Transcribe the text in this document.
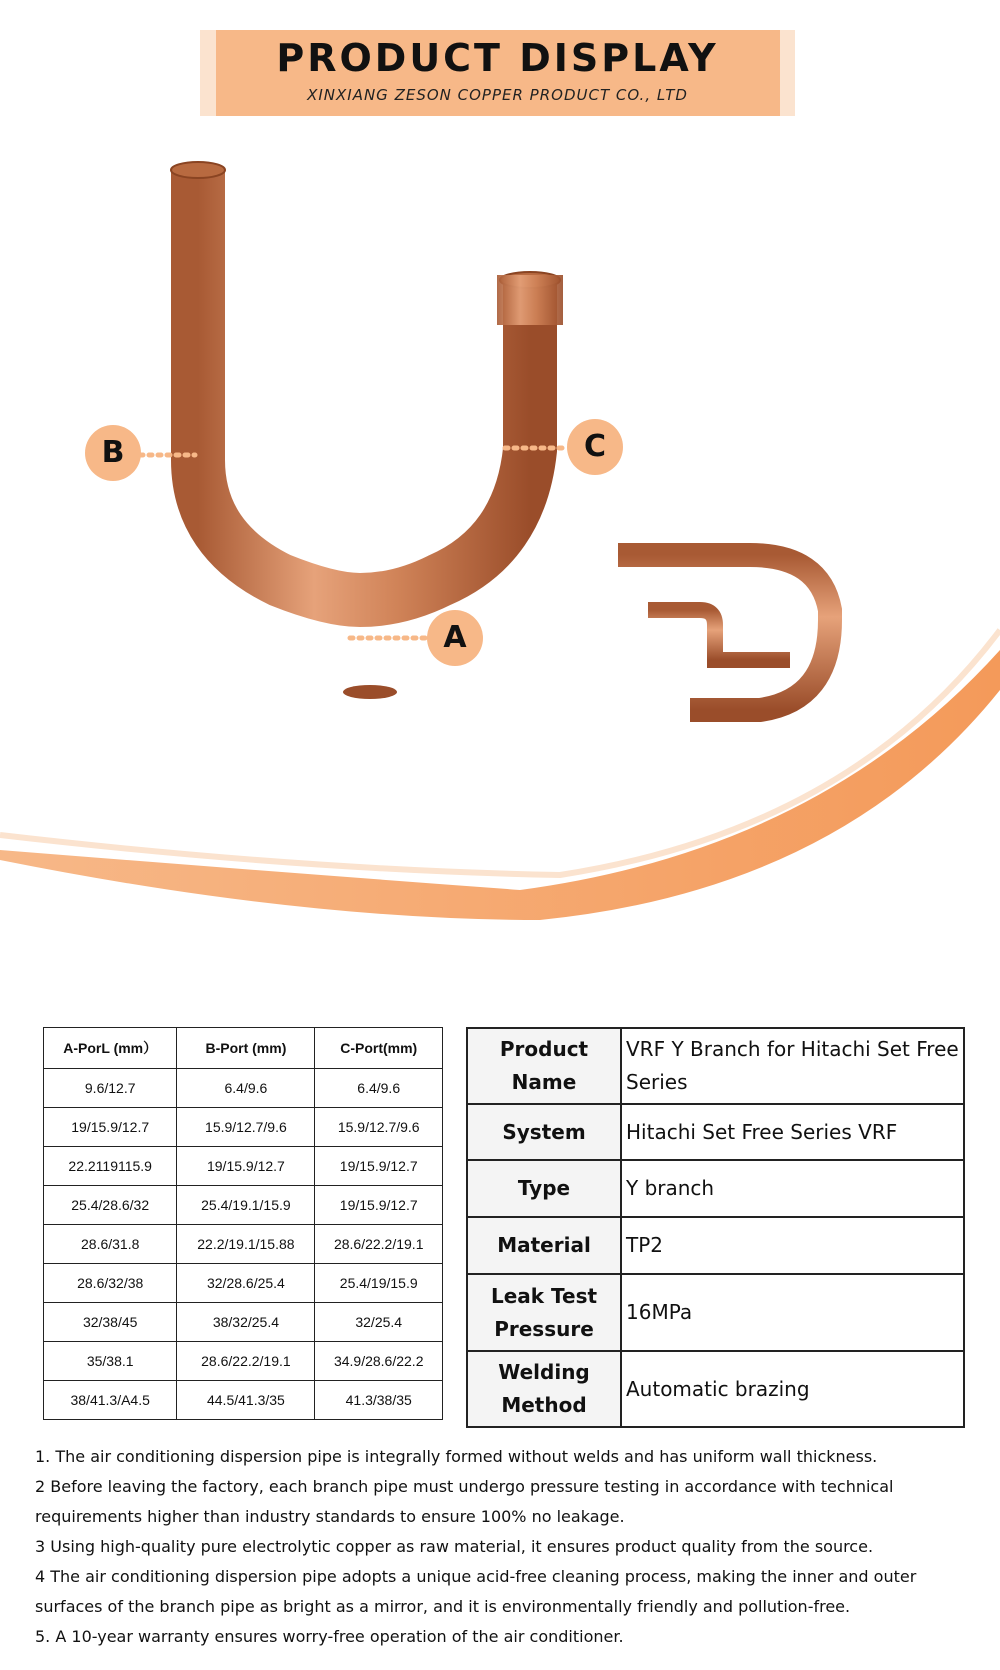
PRODUCT DISPLAY
XINXIANG ZESON COPPER PRODUCT CO., LTD
B	C
A
A-PorL (mm）	B-Port (mm)	C-Port(mm)
9.6/12.7	6.4/9.6	6.4/9.6
19/15.9/12.7	15.9/12.7/9.6	15.9/12.7/9.6
22.2119115.9	19/15.9/12.7	19/15.9/12.7
25.4/28.6/32	25.4/19.1/15.9	19/15.9/12.7
28.6/31.8	22.2/19.1/15.88	28.6/22.2/19.1
28.6/32/38	32/28.6/25.4	25.4/19/15.9
32/38/45	38/32/25.4	32/25.4
35/38.1	28.6/22.2/19.1	34.9/28.6/22.2
38/41.3/A4.5	44.5/41.3/35	41.3/38/35
Product Name	VRF Y Branch for Hitachi Set Free Series
System	Hitachi Set Free Series VRF
Type	Y branch
Material	TP2
Leak Test Pressure	16MPa
Welding Method	Automatic brazing

1. The air conditioning dispersion pipe is integrally formed without welds and has uniform wall thickness.

2 Before leaving the factory, each branch pipe must undergo pressure testing in accordance with technical requirements higher than industry standards to ensure 100% no leakage.

3 Using high-quality pure electrolytic copper as raw material, it ensures product quality from the source.

4 The air conditioning dispersion pipe adopts a unique acid-free cleaning process, making the inner and outer surfaces of the branch pipe as bright as a mirror, and it is environmentally friendly and pollution-free.

5. A 10-year warranty ensures worry-free operation of the air conditioner.
